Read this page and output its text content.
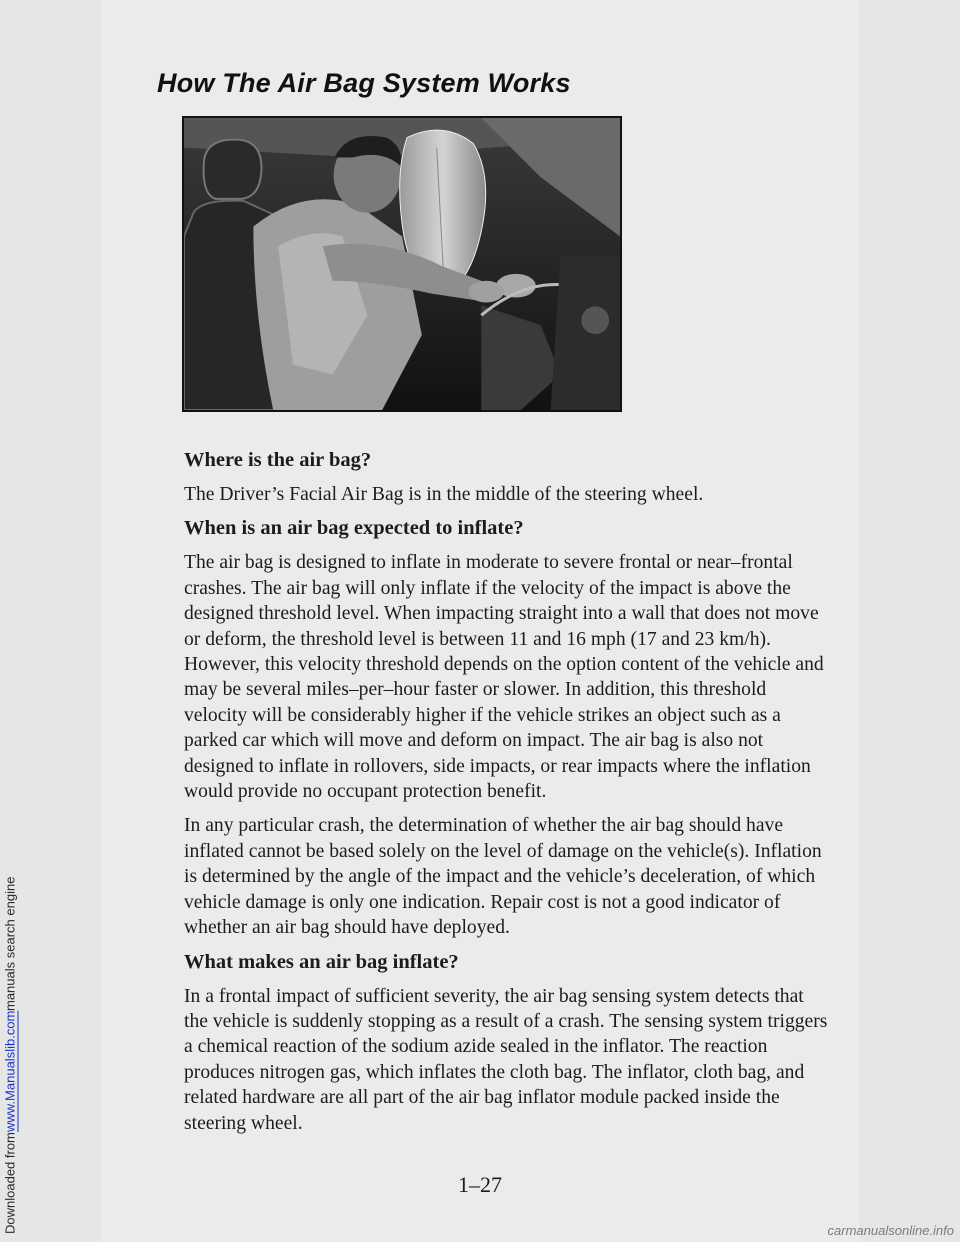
Downloaded from
www.Manualslib.com
manuals search engine
How The Air Bag System Works
Where is the air bag?

The Driver’s Facial Air Bag is in the middle of the steering wheel.

When is an air bag expected to inflate?

The air bag is designed to inflate in moderate to severe frontal or near–frontal crashes. The air bag will only inflate if the velocity of the impact is above the designed threshold level. When impacting straight into a wall that does not move or deform, the threshold level is between 11 and 16 mph (17 and 23 km/h). However, this velocity threshold depends on the option content of the vehicle and may be several miles–per–hour faster or slower. In addition, this threshold velocity will be considerably higher if the vehicle strikes an object such as a parked car which will move and deform on impact. The air bag is also not designed to inflate in rollovers, side impacts, or rear impacts where the inflation would provide no occupant protection benefit.

In any particular crash, the determination of whether the air bag should have inflated cannot be based solely on the level of damage on the vehicle(s). Inflation is determined by the angle of the impact and the vehicle’s deceleration, of which vehicle damage is only one indication. Repair cost is not a good indicator of whether an air bag should have deployed.

What makes an air bag inflate?

In a frontal impact of sufficient severity, the air bag sensing system detects that the vehicle is suddenly stopping as a result of a crash. The sensing system triggers a chemical reaction of the sodium azide sealed in the inflator. The reaction produces nitrogen gas, which inflates the cloth bag. The inflator, cloth bag, and related hardware are all part of the air bag inflator module packed inside the steering wheel.

1–27
carmanualsonline.info
